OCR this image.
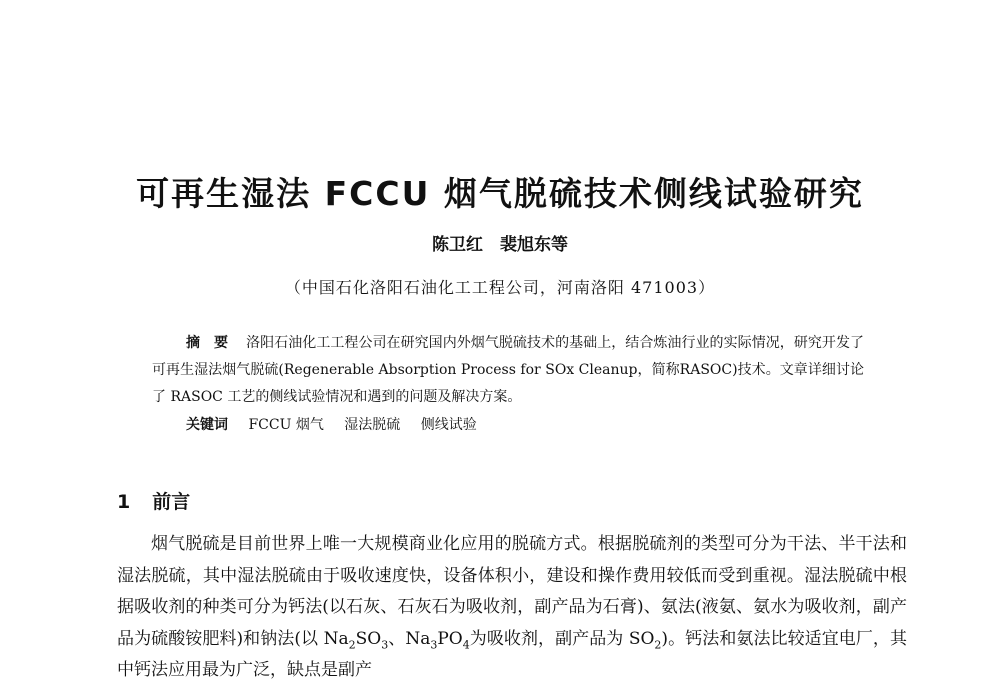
可再生湿法 FCCU 烟气脱硫技术侧线试验研究
陈卫红　裴旭东等
（中国石化洛阳石油化工工程公司，河南洛阳 471003）
摘要 洛阳石油化工工程公司在研究国内外烟气脱硫技术的基础上，结合炼油行业的实际情况，研究开发了可再生湿法烟气脱硫(Regenerable Absorption Process for SOx Cleanup，简称RASOC)技术。文章详细讨论了 RASOC 工艺的侧线试验情况和遇到的问题及解决方案。
关键词 FCCU 烟气 湿法脱硫 侧线试验
1 前言
烟气脱硫是目前世界上唯一大规模商业化应用的脱硫方式。根据脱硫剂的类型可分为干法、半干法和湿法脱硫，其中湿法脱硫由于吸收速度快，设备体积小，建设和操作费用较低而受到重视。湿法脱硫中根据吸收剂的种类可分为钙法(以石灰、石灰石为吸收剂，副产品为石膏)、氨法(液氨、氨水为吸收剂，副产品为硫酸铵肥料)和钠法(以 $Na_2SO_3$、$Na_3PO_4$为吸收剂，副产品为 $SO_2$)。钙法和氨法比较适宜电厂，其中钙法应用最为广泛，缺点是副产
